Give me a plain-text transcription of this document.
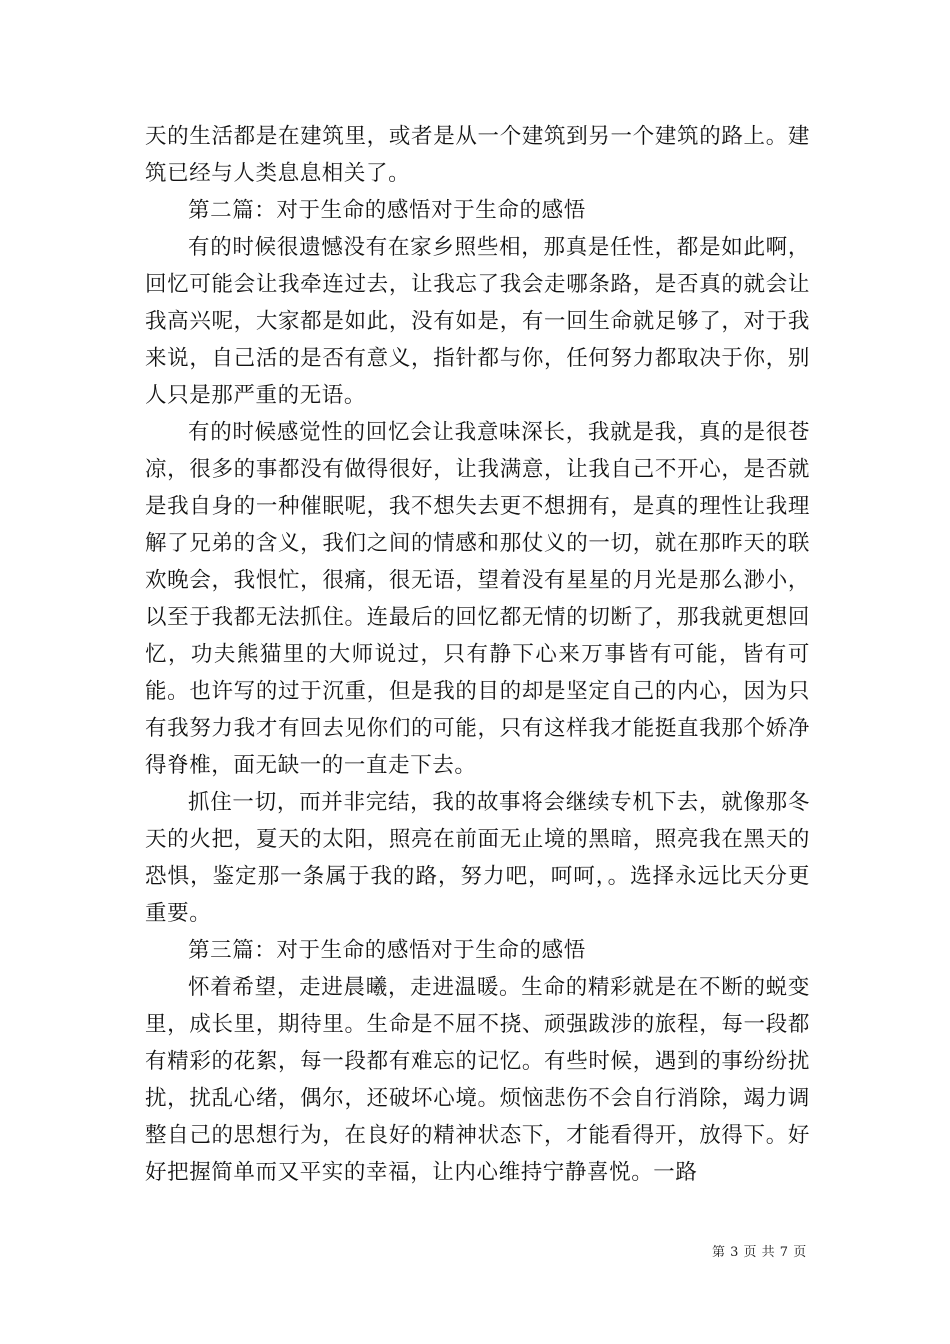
天的生活都是在建筑里，或者是从一个建筑到另一个建筑的路上。建筑已经与人类息息相关了。

第二篇：对于生命的感悟对于生命的感悟

有的时候很遗憾没有在家乡照些相，那真是任性，都是如此啊，回忆可能会让我牵连过去，让我忘了我会走哪条路，是否真的就会让我高兴呢，大家都是如此，没有如是，有一回生命就足够了，对于我来说，自己活的是否有意义，指针都与你，任何努力都取决于你，别人只是那严重的无语。

有的时候感觉性的回忆会让我意味深长，我就是我，真的是很苍凉，很多的事都没有做得很好，让我满意，让我自己不开心，是否就是我自身的一种催眠呢，我不想失去更不想拥有，是真的理性让我理解了兄弟的含义，我们之间的情感和那仗义的一切，就在那昨天的联欢晚会，我恨忙，很痛，很无语，望着没有星星的月光是那么渺小，以至于我都无法抓住。连最后的回忆都无情的切断了，那我就更想回忆，功夫熊猫里的大师说过，只有静下心来万事皆有可能，皆有可能。也许写的过于沉重，但是我的目的却是坚定自己的内心，因为只有我努力我才有回去见你们的可能，只有这样我才能挺直我那个娇净得脊椎，面无缺一的一直走下去。

抓住一切，而并非完结，我的故事将会继续专机下去，就像那冬天的火把，夏天的太阳，照亮在前面无止境的黑暗，照亮我在黑天的恐惧，鉴定那一条属于我的路，努力吧，呵呵，。选择永远比天分更重要。

第三篇：对于生命的感悟对于生命的感悟

怀着希望，走进晨曦，走进温暖。生命的精彩就是在不断的蜕变里，成长里，期待里。生命是不屈不挠、顽强跋涉的旅程，每一段都有精彩的花絮，每一段都有难忘的记忆。有些时候，遇到的事纷纷扰扰，扰乱心绪，偶尔，还破坏心境。烦恼悲伤不会自行消除，竭力调整自己的思想行为，在良好的精神状态下，才能看得开，放得下。好好把握简单而又平实的幸福，让内心维持宁静喜悦。一路

第 3 页 共 7 页
